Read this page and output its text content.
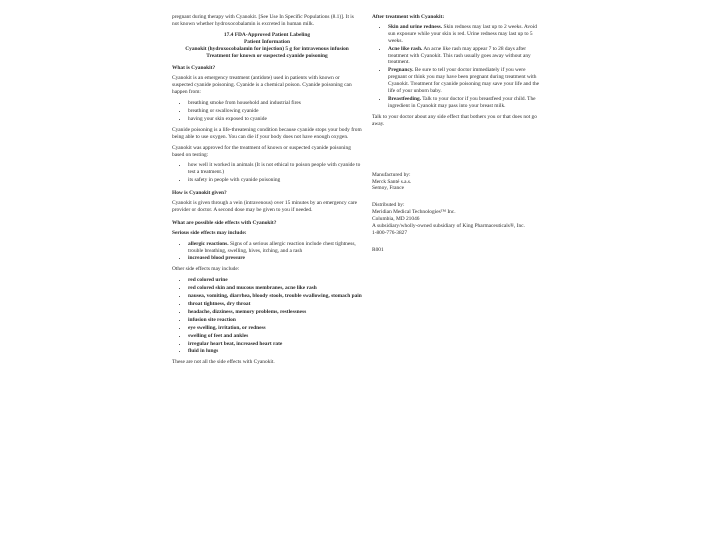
pregnant during therapy with Cyanokit. [See Use In Specific Populations (8.1)]. It is not known whether hydroxocobalamin is excreted in human milk.

17.4 FDA-Approved Patient Labeling

Patient Information

Cyanokit (hydroxocobalamin for injection) 5 g for intravenous infusion

Treatment for known or suspected cyanide poisoning

What is Cyanokit?

Cyanokit is an emergency treatment (antidote) used in patients with known or suspected cyanide poisoning. Cyanide is a chemical poison. Cyanide poisoning can happen from:

• breathing smoke from household and industrial fires
• breathing or swallowing cyanide
• having your skin exposed to cyanide

Cyanide poisoning is a life-threatening condition because cyanide stops your body from being able to use oxygen. You can die if your body does not have enough oxygen.

Cyanokit was approved for the treatment of known or suspected cyanide poisoning based on testing:

• how well it worked in animals (It is not ethical to poison people with cyanide to test a treatment.)
• its safety in people with cyanide poisoning
How is Cyanokit given?

Cyanokit is given through a vein (intravenous) over 15 minutes by an emergency care provider or doctor. A second dose may be given to you if needed.

What are possible side effects with Cyanokit?

Serious side effects may include:

• allergic reactions. Signs of a serious allergic reaction include chest tightness, trouble breathing, swelling, hives, itching, and a rash
• increased blood pressure

Other side effects may include:

• red colored urine
• red colored skin and mucous membranes, acne like rash
• nausea, vomiting, diarrhea, bloody stools, trouble swallowing, stomach pain
• throat tightness, dry throat
• headache, dizziness, memory problems, restlessness
• infusion site reaction
• eye swelling, irritation, or redness
• swelling of feet and ankles
• irregular heart beat, increased heart rate
• fluid in lungs

These are not all the side effects with Cyanokit.

After treatment with Cyanokit:
• Skin and urine redness. Skin redness may last up to 2 weeks. Avoid sun exposure while your skin is red. Urine redness may last up to 5 weeks.
• Acne like rash. An acne like rash may appear 7 to 28 days after treatment with Cyanokit. This rash usually goes away without any treatment.
• Pregnancy. Be sure to tell your doctor immediately if you were pregnant or think you may have been pregnant during treatment with Cyanokit. Treatment for cyanide poisoning may save your life and the life of your unborn baby.
• Breastfeeding. Talk to your doctor if you breastfeed your child. The ingredient in Cyanokit may pass into your breast milk.

Talk to your doctor about any side effect that bothers you or that does not go away.

Manufactured by:

Merck Santé s.a.s.

Semoy, France

Distributed by:

Meridian Medical Technologies™ Inc.

Columbia, MD 21046

A subsidiary/wholly-owned subsidiary of King Pharmaceuticals®, Inc.

1-800-776-3827

R001
